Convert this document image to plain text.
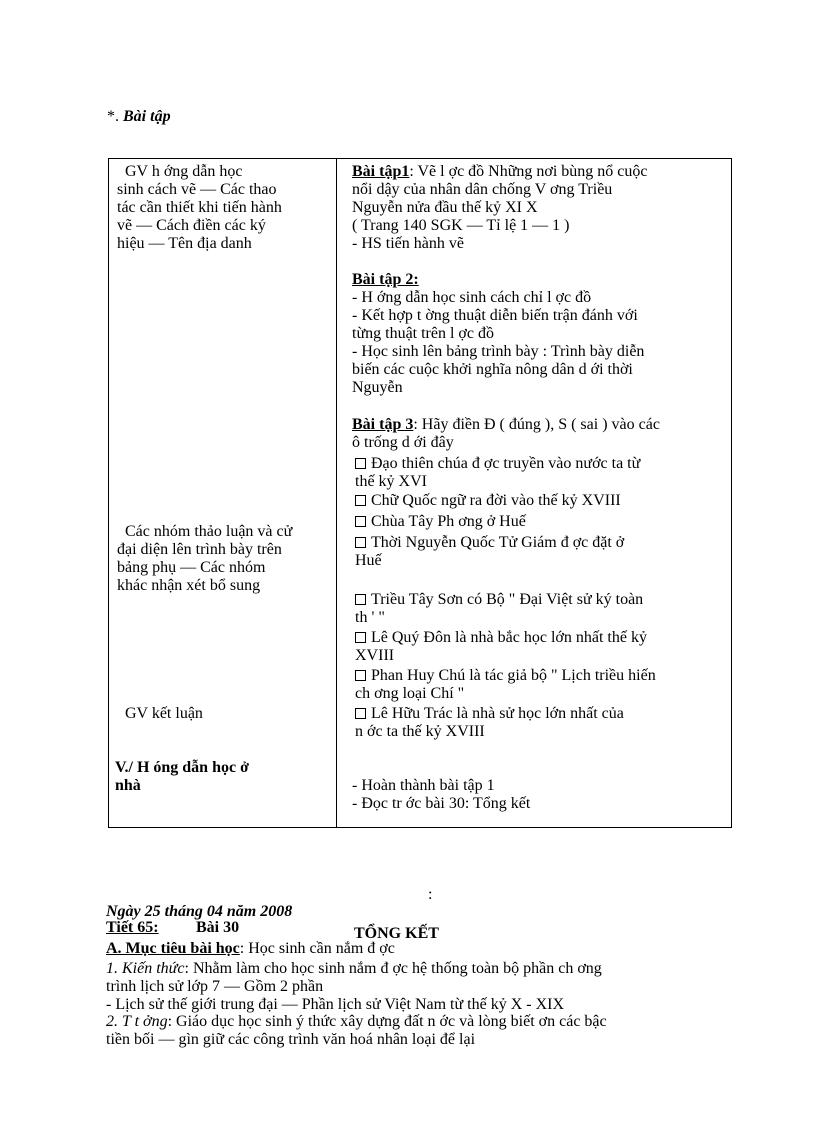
*. Bài tập
GV h ớng dẫn học
sinh cách vẽ — Các thao
tác cần thiết khi tiến hành
vẽ — Cách điền các ký
hiệu — Tên địa danh
Các nhóm thảo luận và cử
đại diện lên trình bày trên
bảng phụ — Các nhóm
khác nhận xét bổ sung
GV kết luận
V./ H óng dẫn học ở
nhà
Bài tập1: Vẽ l ợc đồ Những nơi bùng nổ cuộc
nổi dậy của nhân dân chống V ơng Triều
Nguyễn nửa đầu thế kỷ XI X
( Trang 140 SGK — Tỉ lệ 1 — 1 )
- HS tiến hành vẽ
Bài tập 2:
- H ớng dẫn học sinh cách chỉ l ợc đồ
- Kết hợp t ờng thuật diễn biến trận đánh với
từng thuật trên l ợc đồ
- Học sinh lên bảng trình bày : Trình bày diễn
biến các cuộc khởi nghĩa nông dân d ới thời
Nguyễn
Bài tập 3: Hãy điền Đ ( đúng ), S ( sai ) vào các
ô trống d ới đây
Đạo thiên chúa đ ợc truyền vào nước ta từ
thế kỷ XVI
Chữ Quốc ngữ ra đời vào thế kỷ XVIII
Chùa Tây Ph ơng ở Huế
Thời Nguyễn Quốc Tử Giám đ ợc đặt ở
Huế
Triều Tây Sơn có Bộ " Đại Việt sử ký toàn
th ' "
Lê Quý Đôn là nhà bắc học lớn nhất thế kỷ
XVIII
Phan Huy Chú là tác giả bộ " Lịch triều hiến
ch ơng loại Chí "
Lê Hữu Trác là nhà sử học lớn nhất của
n ớc ta thế kỷ XVIII
- Hoàn thành bài tập 1
- Đọc tr ớc bài 30: Tổng kết
:
Ngày 25 tháng 04 năm 2008
Tiết 65: Bài 30	TỔNG KẾT
A. Mục tiêu bài học: Học sinh cần nắm đ ợc
1. Kiến thức: Nhằm làm cho học sinh nắm đ ợc hệ thống toàn bộ phần ch ơng
trình lịch sử lớp 7 — Gồm 2 phần
- Lịch sử thế giới trung đại — Phần lịch sử Việt Nam từ thế kỷ X - XIX
2. T t ởng: Giáo dục học sinh ý thức xây dựng đất n ớc và lòng biết ơn các bậc
tiền bối — gìn giữ các công trình văn hoá nhân loại để lại
